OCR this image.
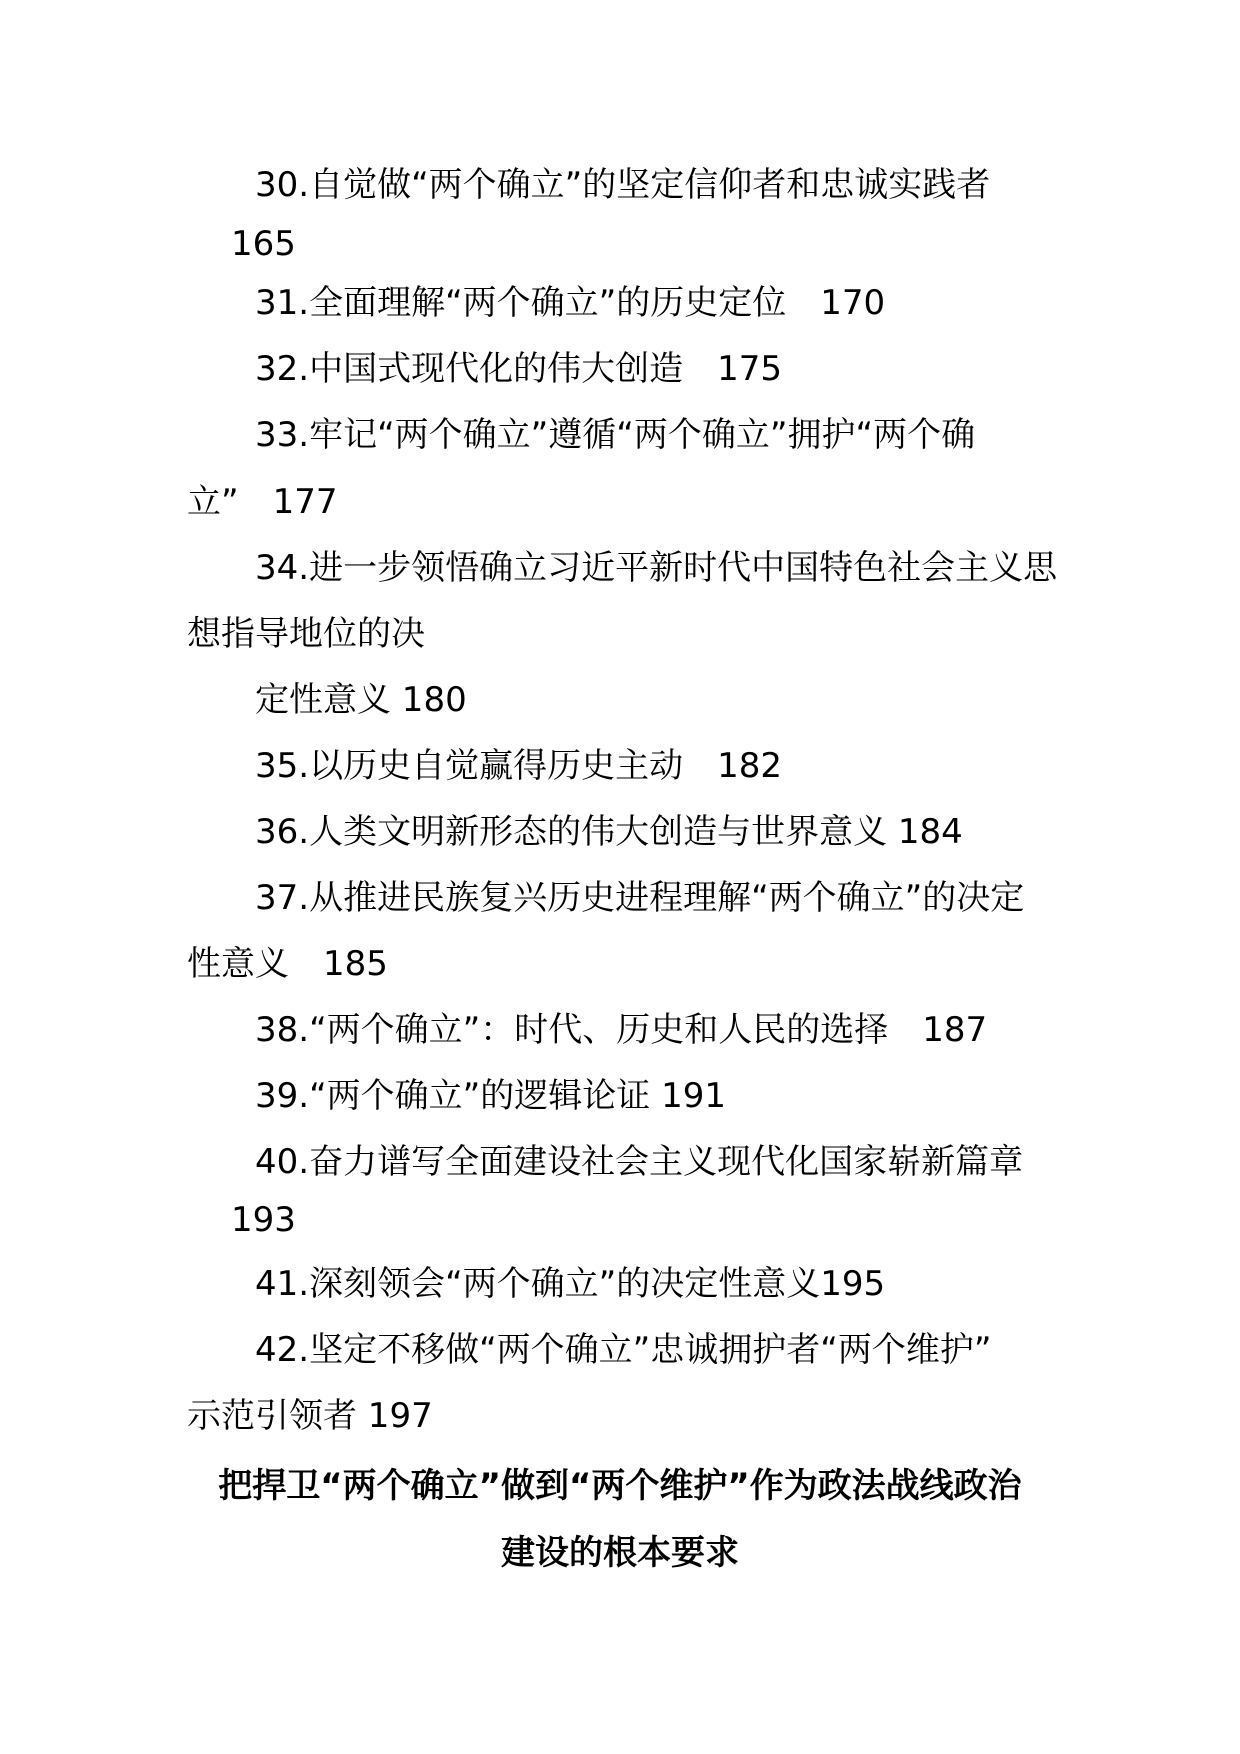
30.自觉做“两个确立”的坚定信仰者和忠诚实践者

165

31.全面理解“两个确立”的历史定位　170

32.中国式现代化的伟大创造　175

33.牢记“两个确立”遵循“两个确立”拥护“两个确

立”　177

34.进一步领悟确立习近平新时代中国特色社会主义思

想指导地位的决

定性意义 180

35.以历史自觉赢得历史主动　182

36.人类文明新形态的伟大创造与世界意义 184

37.从推进民族复兴历史进程理解“两个确立”的决定

性意义　185

38.“两个确立”：时代、历史和人民的选择　187

39.“两个确立”的逻辑论证 191

40.奋力谱写全面建设社会主义现代化国家崭新篇章

193

41.深刻领会“两个确立”的决定性意义195

42.坚定不移做“两个确立”忠诚拥护者“两个维护”

示范引领者 197

把捍卫“两个确立”做到“两个维护”作为政法战线政治
建设的根本要求
